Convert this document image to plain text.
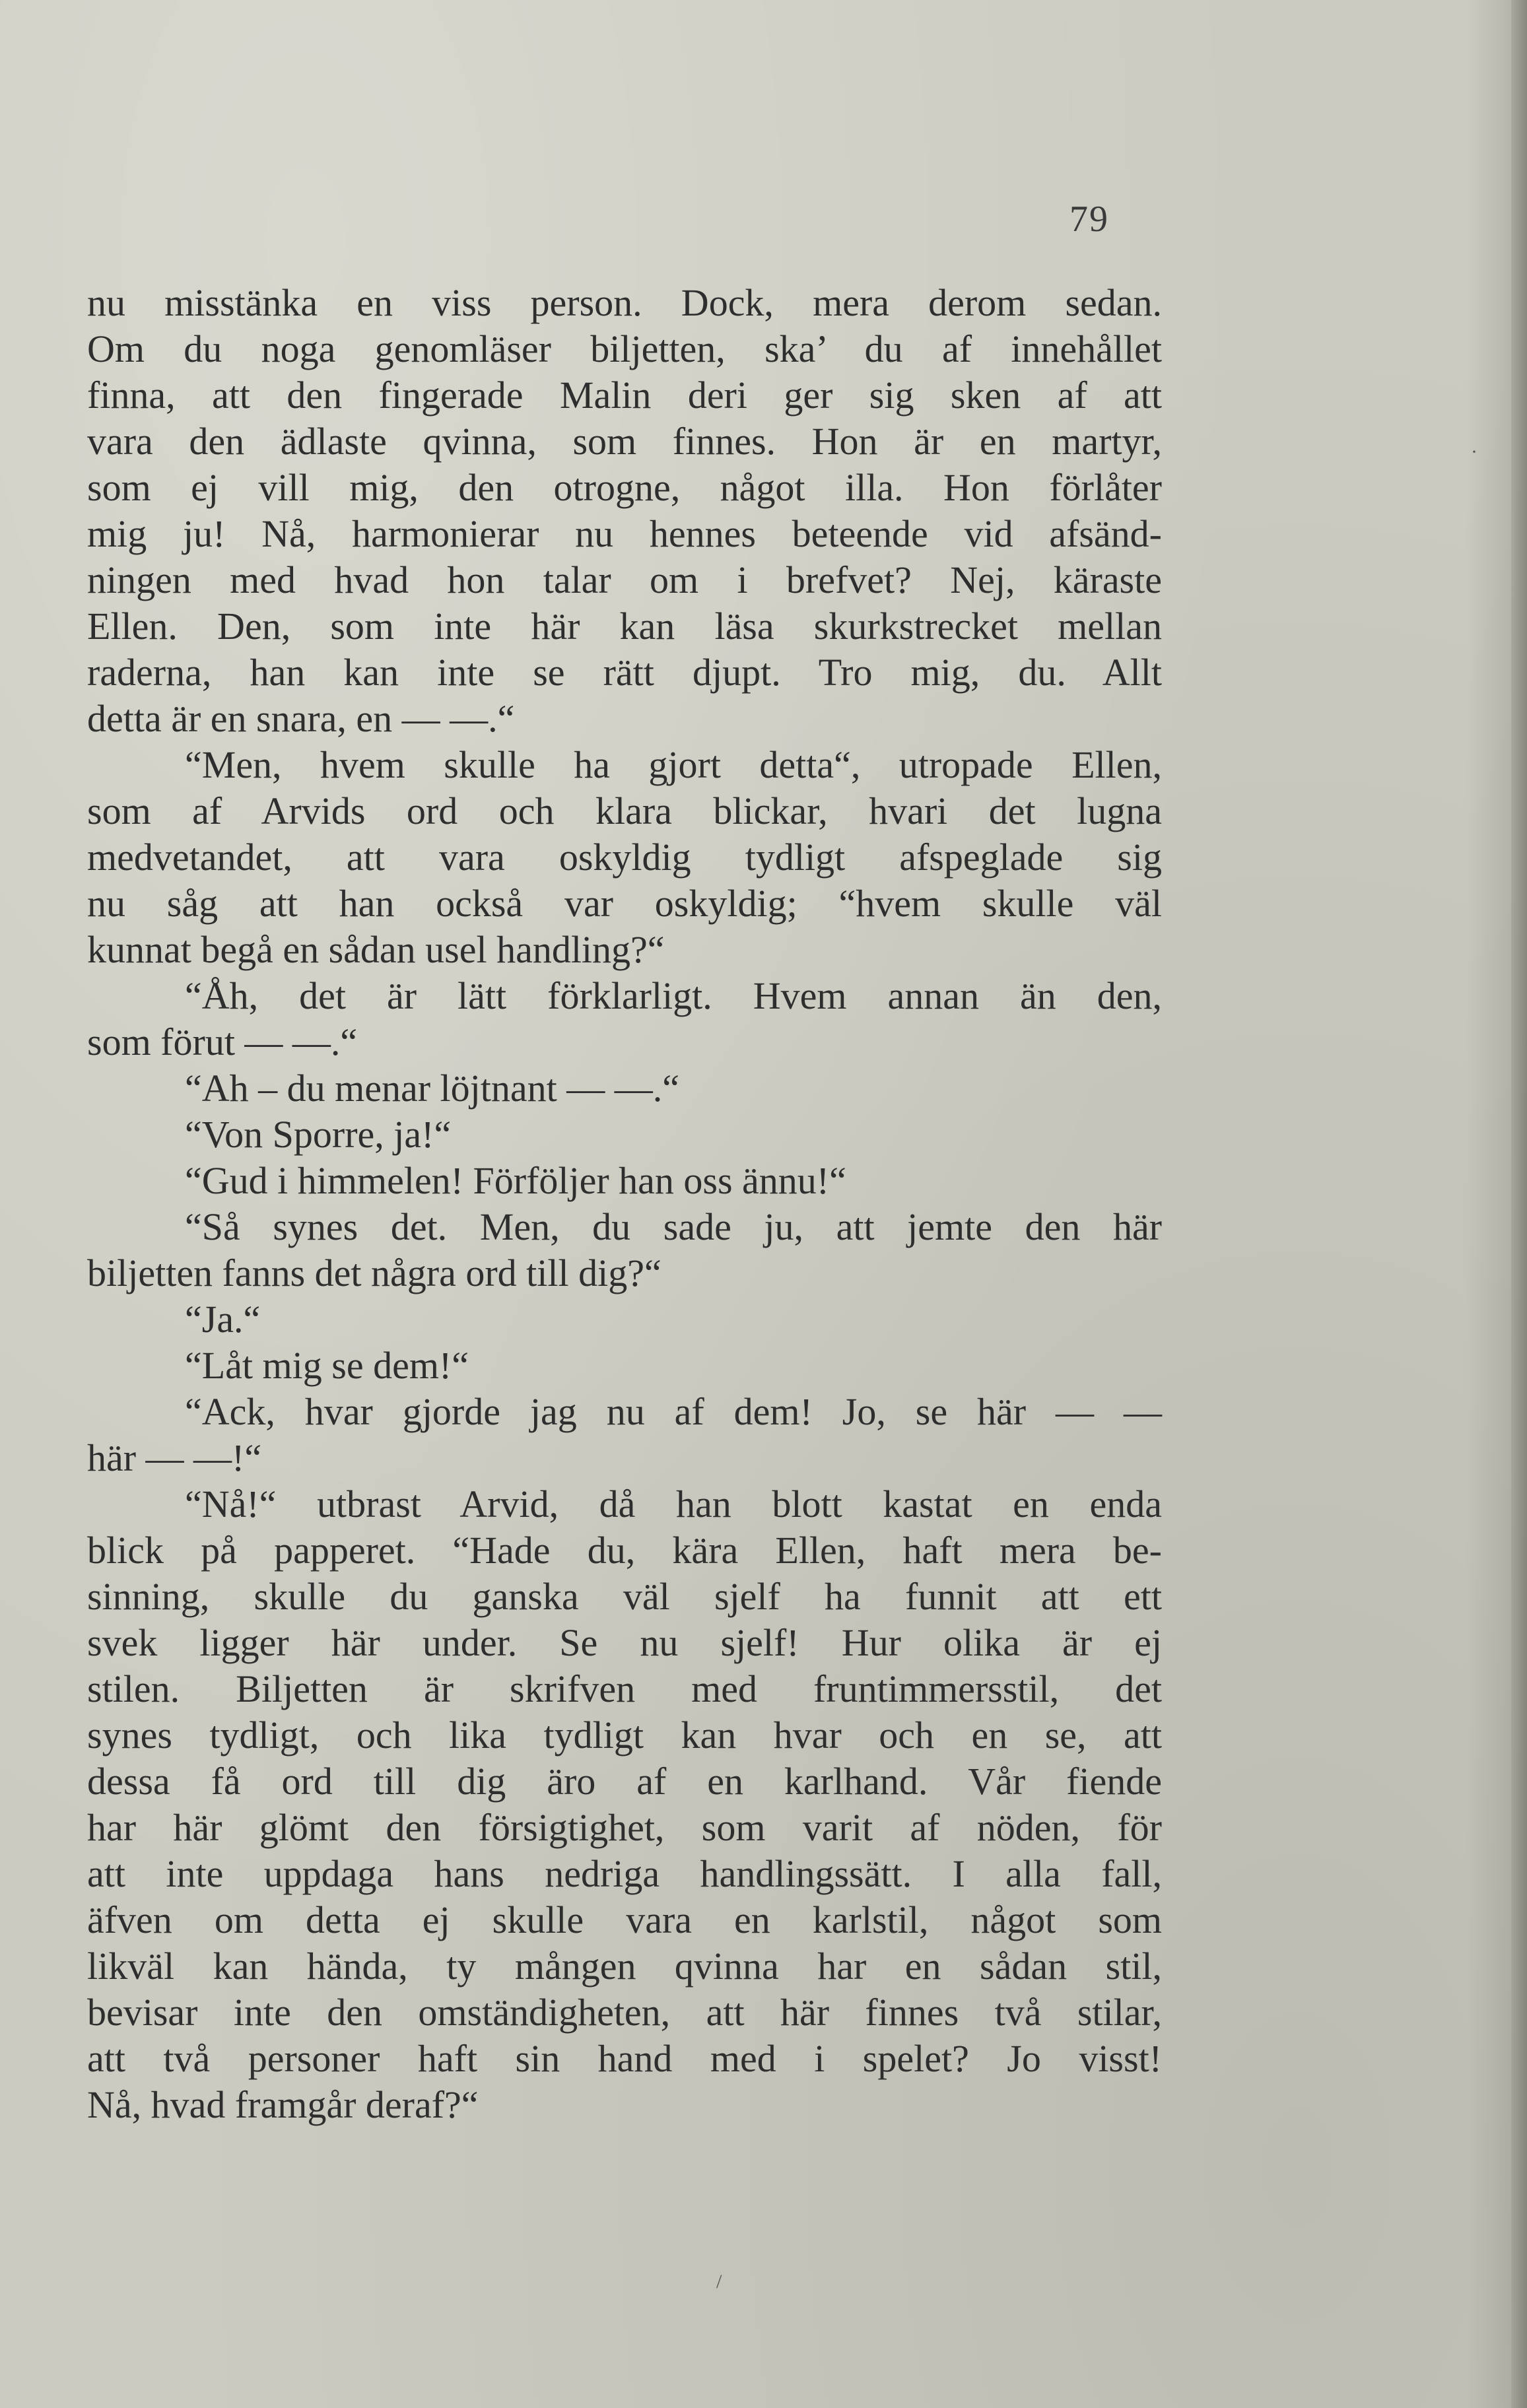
79
nu misstänka en viss person. Dock, mera derom sedan.
Om du noga genomläser biljetten, ska’ du af innehållet
finna, att den fingerade Malin deri ger sig sken af att
vara den ädlaste qvinna, som finnes. Hon är en martyr,
som ej vill mig, den otrogne, något illa. Hon förlåter
mig ju! Nå, harmonierar nu hennes beteende vid afsänd-
ningen med hvad hon talar om i brefvet? Nej, käraste
Ellen. Den, som inte här kan läsa skurkstrecket mellan
raderna, han kan inte se rätt djupt. Tro mig, du. Allt
detta är en snara, en — —.“
“Men, hvem skulle ha gjort detta“, utropade Ellen,
som af Arvids ord och klara blickar, hvari det lugna
medvetandet, att vara oskyldig tydligt afspeglade sig
nu såg att han också var oskyldig; “hvem skulle väl
kunnat begå en sådan usel handling?“
“Åh, det är lätt förklarligt. Hvem annan än den,
som förut — —.“
“Ah – du menar löjtnant — —.“
“Von Sporre, ja!“
“Gud i himmelen! Förföljer han oss ännu!“
“Så synes det. Men, du sade ju, att jemte den här
biljetten fanns det några ord till dig?“
“Ja.“
“Låt mig se dem!“
“Ack, hvar gjorde jag nu af dem! Jo, se här — —
här — —!“
“Nå!“ utbrast Arvid, då han blott kastat en enda
blick på papperet. “Hade du, kära Ellen, haft mera be-
sinning, skulle du ganska väl sjelf ha funnit att ett
svek ligger här under. Se nu sjelf! Hur olika är ej
stilen. Biljetten är skrifven med fruntimmersstil, det
synes tydligt, och lika tydligt kan hvar och en se, att
dessa få ord till dig äro af en karlhand. Vår fiende
har här glömt den försigtighet, som varit af nöden, för
att inte uppdaga hans nedriga handlingssätt. I alla fall,
äfven om detta ej skulle vara en karlstil, något som
likväl kan hända, ty mången qvinna har en sådan stil,
bevisar inte den omständigheten, att här finnes två stilar,
att två personer haft sin hand med i spelet? Jo visst!
Nå, hvad framgår deraf?“
·
/
